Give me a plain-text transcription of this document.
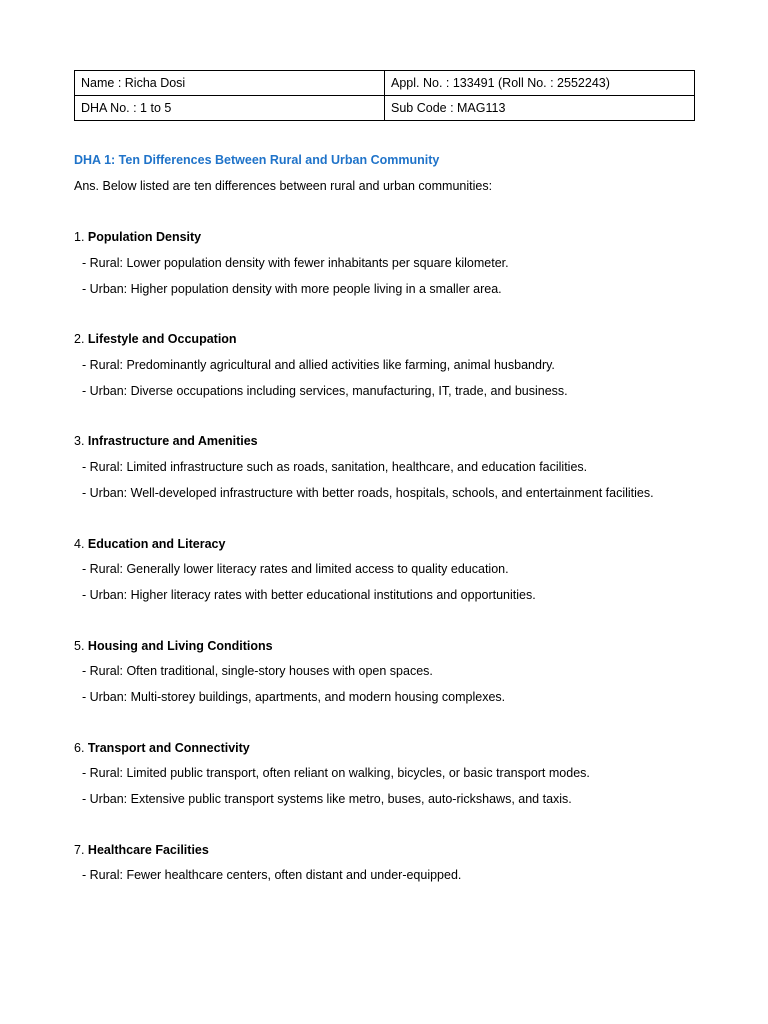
Name : Richa Dosi	Appl. No. : 133491 (Roll No. : 2552243)
DHA No. : 1 to 5	Sub Code : MAG113

DHA 1: Ten Differences Between Rural and Urban Community

Ans. Below listed are ten differences between rural and urban communities:

1. Population Density

- Rural: Lower population density with fewer inhabitants per square kilometer.

- Urban: Higher population density with more people living in a smaller area.

2. Lifestyle and Occupation

- Rural: Predominantly agricultural and allied activities like farming, animal husbandry.

- Urban: Diverse occupations including services, manufacturing, IT, trade, and business.

3. Infrastructure and Amenities

- Rural: Limited infrastructure such as roads, sanitation, healthcare, and education facilities.

- Urban: Well-developed infrastructure with better roads, hospitals, schools, and entertainment facilities.

4. Education and Literacy

- Rural: Generally lower literacy rates and limited access to quality education.

- Urban: Higher literacy rates with better educational institutions and opportunities.

5. Housing and Living Conditions

- Rural: Often traditional, single-story houses with open spaces.

- Urban: Multi-storey buildings, apartments, and modern housing complexes.

6. Transport and Connectivity

- Rural: Limited public transport, often reliant on walking, bicycles, or basic transport modes.

- Urban: Extensive public transport systems like metro, buses, auto-rickshaws, and taxis.

7. Healthcare Facilities

- Rural: Fewer healthcare centers, often distant and under-equipped.
